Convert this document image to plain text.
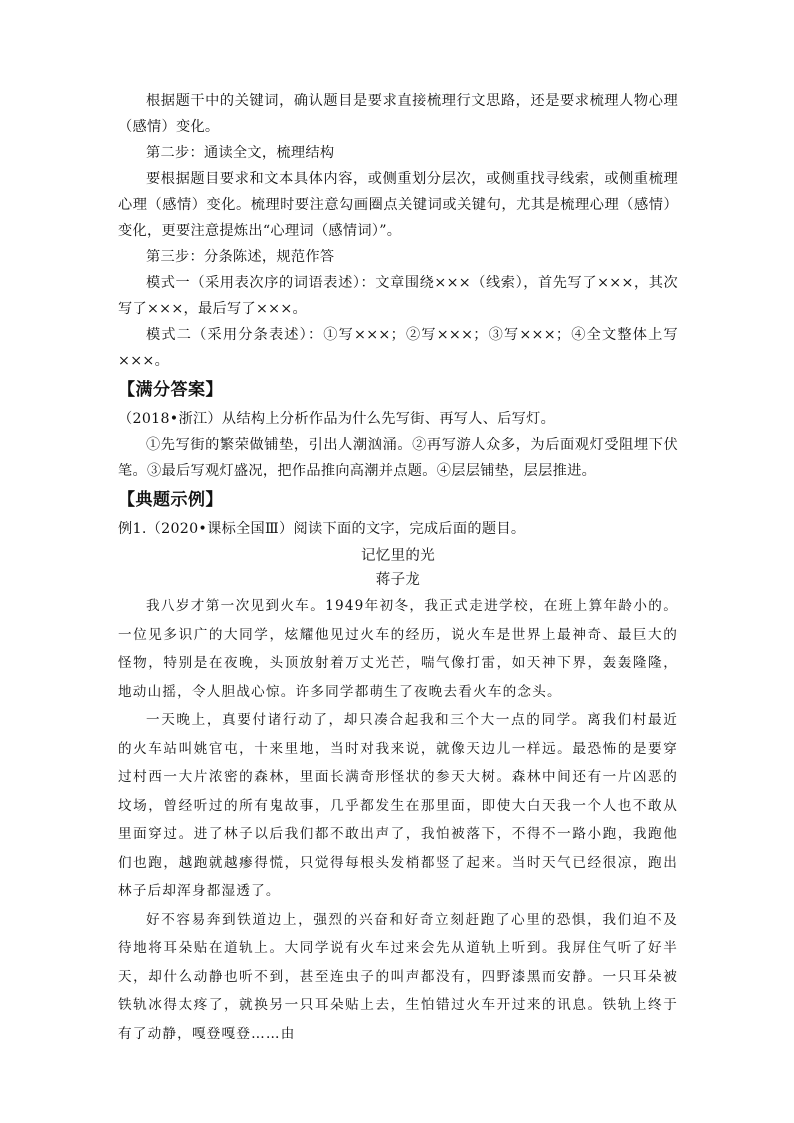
根据题干中的关键词，确认题目是要求直接梳理行文思路，还是要求梳理人物心理（感情）变化。

第二步：通读全文，梳理结构

要根据题目要求和文本具体内容，或侧重划分层次，或侧重找寻线索，或侧重梳理心理（感情）变化。梳理时要注意勾画圈点关键词或关键句，尤其是梳理心理（感情）变化，更要注意提炼出“心理词（感情词）”。

第三步：分条陈述，规范作答

模式一（采用表次序的词语表述）：文章围绕×××（线索），首先写了×××，其次写了×××，最后写了×××。

模式二（采用分条表述）：①写×××；②写×××；③写×××；④全文整体上写×××。

【满分答案】

（2018•浙江）从结构上分析作品为什么先写街、再写人、后写灯。

①先写街的繁荣做铺垫，引出人潮汹涌。②再写游人众多，为后面观灯受阻埋下伏笔。③最后写观灯盛况，把作品推向高潮并点题。④层层铺垫，层层推进。

【典题示例】

例1.（2020•课标全国Ⅲ）阅读下面的文字，完成后面的题目。

记忆里的光
蒋子龙

我八岁才第一次见到火车。1949年初冬，我正式走进学校，在班上算年龄小的。一位见多识广的大同学，炫耀他见过火车的经历，说火车是世界上最神奇、最巨大的怪物，特别是在夜晚，头顶放射着万丈光芒，喘气像打雷，如天神下界，轰轰隆隆，地动山摇，令人胆战心惊。许多同学都萌生了夜晚去看火车的念头。

一天晚上，真要付诸行动了，却只凑合起我和三个大一点的同学。离我们村最近的火车站叫姚官屯，十来里地，当时对我来说，就像天边儿一样远。最恐怖的是要穿过村西一大片浓密的森林，里面长满奇形怪状的参天大树。森林中间还有一片凶恶的坟场，曾经听过的所有鬼故事，几乎都发生在那里面，即使大白天我一个人也不敢从里面穿过。进了林子以后我们都不敢出声了，我怕被落下，不得不一路小跑，我跑他们也跑，越跑就越瘆得慌，只觉得每根头发梢都竖了起来。当时天气已经很凉，跑出林子后却浑身都湿透了。

好不容易奔到铁道边上，强烈的兴奋和好奇立刻赶跑了心里的恐惧，我们迫不及待地将耳朵贴在道轨上。大同学说有火车过来会先从道轨上听到。我屏住气听了好半天，却什么动静也听不到，甚至连虫子的叫声都没有，四野漆黑而安静。一只耳朵被铁轨冰得太疼了，就换另一只耳朵贴上去，生怕错过火车开过来的讯息。铁轨上终于有了动静，嘎登嘎登……由
